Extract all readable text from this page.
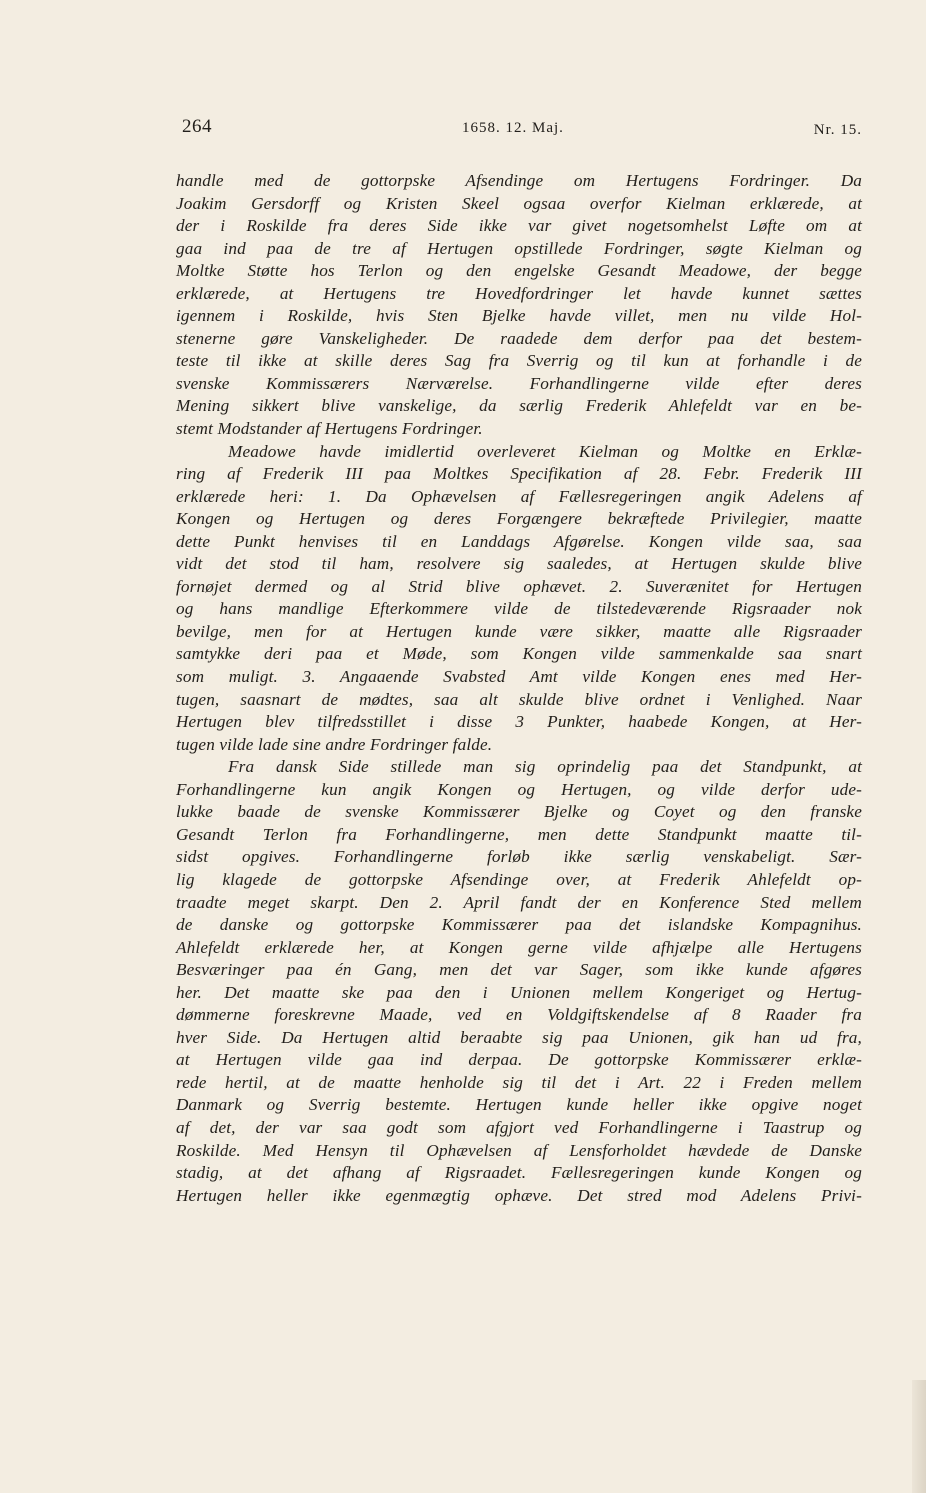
264	1658. 12. Maj.	Nr. 15.
handle med de gottorpske Afsendinge om Hertugens Fordringer. Da
Joakim Gersdorff og Kristen Skeel ogsaa overfor Kielman erklærede, at
der i Roskilde fra deres Side ikke var givet nogetsomhelst Løfte om at
gaa ind paa de tre af Hertugen opstillede Fordringer, søgte Kielman og
Moltke Støtte hos Terlon og den engelske Gesandt Meadowe, der begge
erklærede, at Hertugens tre Hovedfordringer let havde kunnet sættes
igennem i Roskilde, hvis Sten Bjelke havde villet, men nu vilde Hol-
stenerne gøre Vanskeligheder. De raadede dem derfor paa det bestem-
teste til ikke at skille deres Sag fra Sverrig og til kun at forhandle i de
svenske Kommissærers Nærværelse. Forhandlingerne vilde efter deres
Mening sikkert blive vanskelige, da særlig Frederik Ahlefeldt var en be-
stemt Modstander af Hertugens Fordringer.
Meadowe havde imidlertid overleveret Kielman og Moltke en Erklæ-
ring af Frederik III paa Moltkes Specifikation af 28. Febr. Frederik III
erklærede heri: 1. Da Ophævelsen af Fællesregeringen angik Adelens af
Kongen og Hertugen og deres Forgængere bekræftede Privilegier, maatte
dette Punkt henvises til en Landdags Afgørelse. Kongen vilde saa, saa
vidt det stod til ham, resolvere sig saaledes, at Hertugen skulde blive
fornøjet dermed og al Strid blive ophævet. 2. Suverænitet for Hertugen
og hans mandlige Efterkommere vilde de tilstedeværende Rigsraader nok
bevilge, men for at Hertugen kunde være sikker, maatte alle Rigsraader
samtykke deri paa et Møde, som Kongen vilde sammenkalde saa snart
som muligt. 3. Angaaende Svabsted Amt vilde Kongen enes med Her-
tugen, saasnart de mødtes, saa alt skulde blive ordnet i Venlighed. Naar
Hertugen blev tilfredsstillet i disse 3 Punkter, haabede Kongen, at Her-
tugen vilde lade sine andre Fordringer falde.
Fra dansk Side stillede man sig oprindelig paa det Standpunkt, at
Forhandlingerne kun angik Kongen og Hertugen, og vilde derfor ude-
lukke baade de svenske Kommissærer Bjelke og Coyet og den franske
Gesandt Terlon fra Forhandlingerne, men dette Standpunkt maatte til-
sidst opgives. Forhandlingerne forløb ikke særlig venskabeligt. Sær-
lig klagede de gottorpske Afsendinge over, at Frederik Ahlefeldt op-
traadte meget skarpt. Den 2. April fandt der en Konference Sted mellem
de danske og gottorpske Kommissærer paa det islandske Kompagnihus.
Ahlefeldt erklærede her, at Kongen gerne vilde afhjælpe alle Hertugens
Besværinger paa én Gang, men det var Sager, som ikke kunde afgøres
her. Det maatte ske paa den i Unionen mellem Kongeriget og Hertug-
dømmerne foreskrevne Maade, ved en Voldgiftskendelse af 8 Raader fra
hver Side. Da Hertugen altid beraabte sig paa Unionen, gik han ud fra,
at Hertugen vilde gaa ind derpaa. De gottorpske Kommissærer erklæ-
rede hertil, at de maatte henholde sig til det i Art. 22 i Freden mellem
Danmark og Sverrig bestemte. Hertugen kunde heller ikke opgive noget
af det, der var saa godt som afgjort ved Forhandlingerne i Taastrup og
Roskilde. Med Hensyn til Ophævelsen af Lensforholdet hævdede de Danske
stadig, at det afhang af Rigsraadet. Fællesregeringen kunde Kongen og
Hertugen heller ikke egenmægtig ophæve. Det stred mod Adelens Privi-
